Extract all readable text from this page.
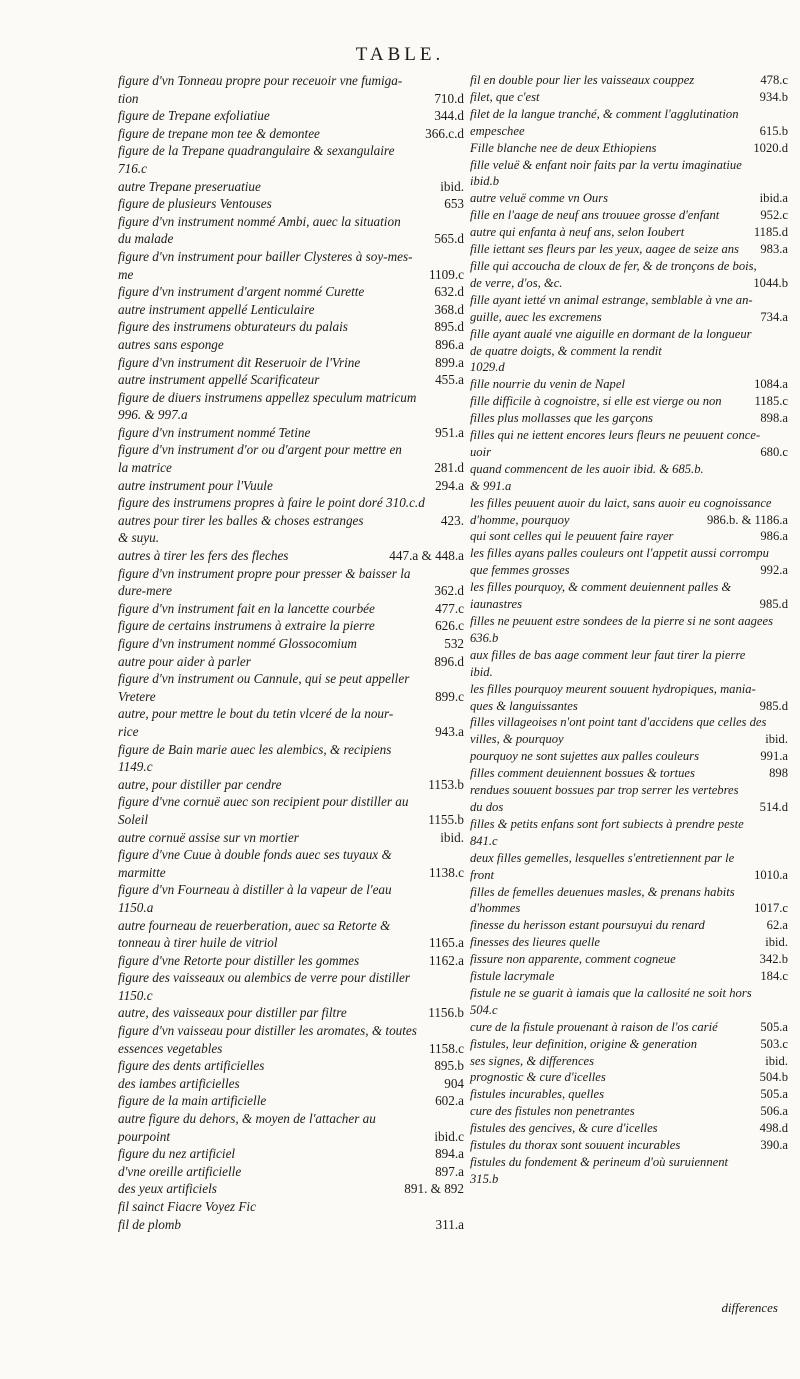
TABLE.
figure d'vn Tonneau propre pour receuoir vne fumiga-
710.d
tion
344.d
figure de Trepane exfoliatiue
366.c.d
figure de trepane mon tee & demontee
figure de la Trepane quadrangulaire & sexangulaire
716.c
ibid.
autre Trepane preseruatiue
653
figure de plusieurs Ventouses
figure d'vn instrument nommé Ambi, auec la situation
565.d
du malade
figure d'vn instrument pour bailler Clysteres à soy-mes-
1109.c
me
632.d
figure d'vn instrument d'argent nommé Curette
368.d
autre instrument appellé Lenticulaire
895.d
figure des instrumens obturateurs du palais
896.a
autres sans esponge
899.a
figure d'vn instrument dit Reseruoir de l'Vrine
455.a
autre instrument appellé Scarificateur
figure de diuers instrumens appellez speculum matricum
996. & 997.a
951.a
figure d'vn instrument nommé Tetine
figure d'vn instrument d'or ou d'argent pour mettre en
281.d
la matrice
294.a
autre instrument pour l'Vuule
figure des instrumens propres à faire le point doré 310.c.d
423.
autres pour tirer les balles & choses estranges
& suyu.
447.a & 448.a
autres à tirer les fers des fleches
figure d'vn instrument propre pour presser & baisser la
362.d
dure-mere
477.c
figure d'vn instrument fait en la lancette courbée
626.c
figure de certains instrumens à extraire la pierre
532
figure d'vn instrument nommé Glossocomium
896.d
autre pour aider à parler
figure d'vn instrument ou Cannule, qui se peut appeller
899.c
Vretere
autre, pour mettre le bout du tetin vlceré de la nour-
943.a
rice
figure de Bain marie auec les alembics, & recipiens
1149.c
1153.b
autre, pour distiller par cendre
figure d'vne cornuë auec son recipient pour distiller au
1155.b
Soleil
ibid.
autre cornuë assise sur vn mortier
figure d'vne Cuue à double fonds auec ses tuyaux &
1138.c
marmitte
figure d'vn Fourneau à distiller à la vapeur de l'eau
1150.a
autre fourneau de reuerberation, auec sa Retorte &
1165.a
tonneau à tirer huile de vitriol
1162.a
figure d'vne Retorte pour distiller les gommes
figure des vaisseaux ou alembics de verre pour distiller
1150.c
1156.b
autre, des vaisseaux pour distiller par filtre
figure d'vn vaisseau pour distiller les aromates, & toutes
1158.c
essences vegetables
895.b
figure des dents artificielles
904
des iambes artificielles
602.a
figure de la main artificielle
autre figure du dehors, & moyen de l'attacher au
ibid.c
pourpoint
894.a
figure du nez artificiel
897.a
d'vne oreille artificielle
891. & 892
des yeux artificiels
fil sainct Fiacre Voyez Fic
311.a
fil de plomb
478.c
fil en double pour lier les vaisseaux couppez
934.b
filet, que c'est
filet de la langue tranché, & comment l'agglutination
615.b
empeschee
1020.d
Fille blanche nee de deux Ethiopiens
fille veluë & enfant noir faits par la vertu imaginatiue
ibid.b
ibid.a
autre veluë comme vn Ours
952.c
fille en l'aage de neuf ans trouuee grosse d'enfant
1185.d
autre qui enfanta à neuf ans, selon Ioubert
983.a
fille iettant ses fleurs par les yeux, aagee de seize ans
fille qui accoucha de cloux de fer, & de tronçons de bois,
1044.b
de verre, d'os, &c.
fille ayant ietté vn animal estrange, semblable à vne an-
734.a
guille, auec les excremens
fille ayant aualé vne aiguille en dormant de la longueur
de quatre doigts, & comment la rendit
1029.d
1084.a
fille nourrie du venin de Napel
1185.c
fille difficile à cognoistre, si elle est vierge ou non
898.a
filles plus mollasses que les garçons
filles qui ne iettent encores leurs fleurs ne peuuent conce-
680.c
uoir
quand commencent de les auoir ibid. & 685.b.
& 991.a
les filles peuuent auoir du laict, sans auoir eu cognoissance
986.b. & 1186.a
d'homme, pourquoy
986.a
qui sont celles qui le peuuent faire rayer
les filles ayans palles couleurs ont l'appetit aussi corrompu
992.a
que femmes grosses
les filles pourquoy, & comment deuiennent palles &
985.d
iaunastres
filles ne peuuent estre sondees de la pierre si ne sont aagees
636.b
aux filles de bas aage comment leur faut tirer la pierre
ibid.
les filles pourquoy meurent souuent hydropiques, mania-
985.d
ques & languissantes
filles villageoises n'ont point tant d'accidens que celles des
ibid.
villes, & pourquoy
991.a
pourquoy ne sont sujettes aux palles couleurs
898
filles comment deuiennent bossues & tortues
rendues souuent bossues par trop serrer les vertebres
514.d
du dos
filles & petits enfans sont fort subiects à prendre peste
841.c
deux filles gemelles, lesquelles s'entretiennent par le
1010.a
front
filles de femelles deuenues masles, & prenans habits
1017.c
d'hommes
62.a
finesse du herisson estant poursuyui du renard
ibid.
finesses des lieures quelle
342.b
fissure non apparente, comment cogneue
184.c
fistule lacrymale
fistule ne se guarit à iamais que la callosité ne soit hors
504.c
505.a
cure de la fistule prouenant à raison de l'os carié
503.c
fistules, leur definition, origine & generation
ibid.
ses signes, & differences
504.b
prognostic & cure d'icelles
505.a
fistules incurables, quelles
506.a
cure des fistules non penetrantes
498.d
fistules des gencives, & cure d'icelles
390.a
fistules du thorax sont souuent incurables
fistules du fondement & perineum d'où suruiennent
315.b
differences
